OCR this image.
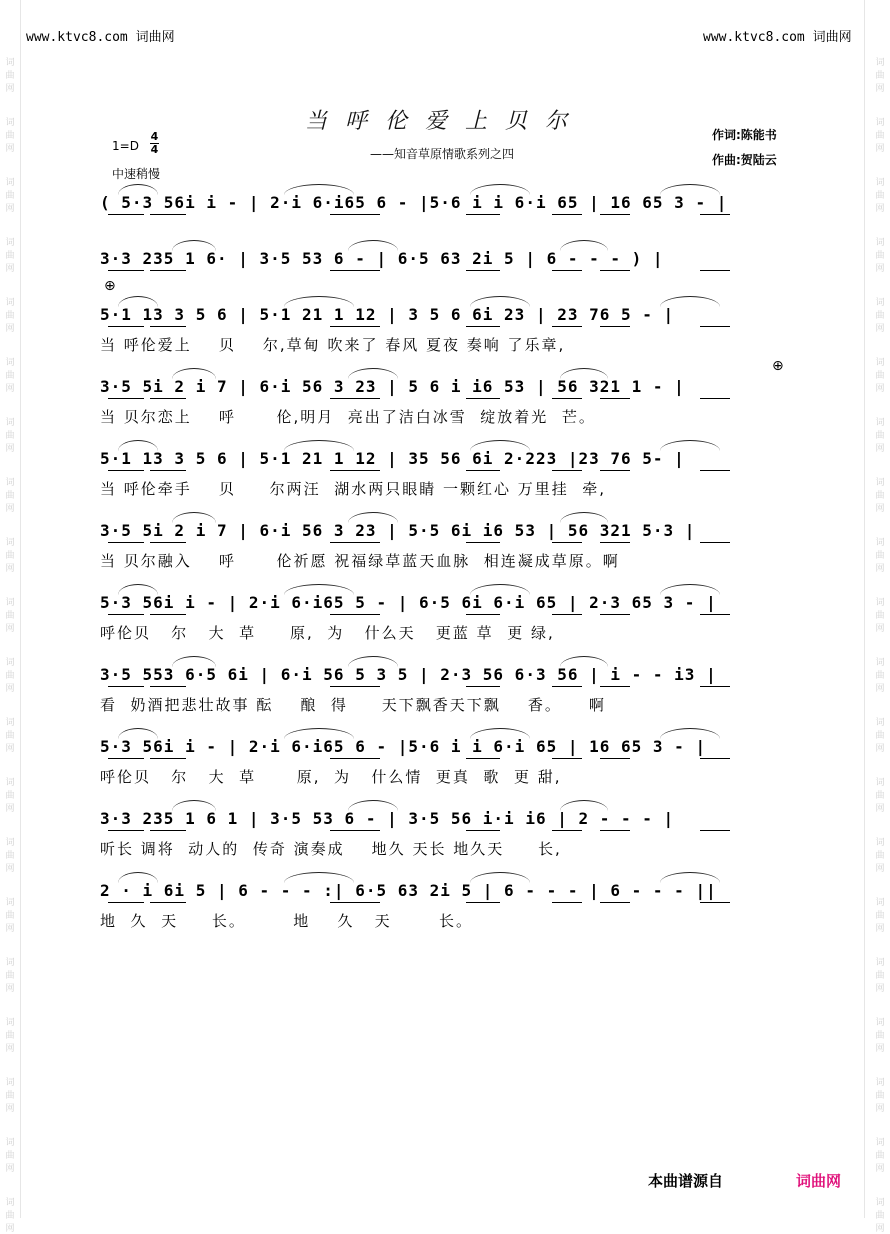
词
曲
网
词
曲
网
词
曲
网
词
曲
网
词
曲
网
词
曲
网
词
曲
网
词
曲
网
词
曲
网
词
曲
网
词
曲
网
词
曲
网
词
曲
网
词
曲
网
词
曲
网
词
曲
网
词
曲
网
词
曲
网
词
曲
网
词
曲
网
词
曲
网
词
曲
网
词
曲
网
词
曲
网
词
曲
网
词
曲
网
词
曲
网
词
曲
网
词
曲
网
词
曲
网
词
曲
网
词
曲
网
词
曲
网
词
曲
网
词
曲
网
词
曲
网
词
曲
网
词
曲
网
词
曲
网
词
曲
网
www.ktvc8.com 词曲网	www.ktvc8.com 词曲网
当呼伦爱上贝尔
——知音草原情歌系列之四
作词:陈能书
作曲:贺陆云
1=D
4
4
中速稍慢
( 5·3 56i i - | 2·i 6·i65 6 - |5·6 i i 6·i 65 | 16 65 3 - |
3·3 235 1 6· | 3·5 53 6 - | 6·5 63 2i 5 | 6 - - - ) |
⊕
5·1 13 3 5 6 | 5·1 21 1 12 | 3 5 6 6i 23 | 23 76 5 - |
当 呼伦爱上    贝    尔,草甸 吹来了 春风 夏夜 奏响 了乐章,
⊕
3·5 5i 2 i 7 | 6·i 56 3 23 | 5 6 i i6 53 | 56 321 1 - |
当 贝尔恋上    呼      伦,明月  亮出了洁白冰雪  绽放着光  芒。
5·1 13 3 5 6 | 5·1 21 1 12 | 35 56 6i 2·223 |23 76 5- |
当 呼伦牵手    贝     尔两汪  湖水两只眼睛 一颗红心 万里挂  牵,
3·5 5i 2 i 7 | 6·i 56 3 23 | 5·5 6i i6 53 | 56 321 5·3 |
当 贝尔融入    呼      伦祈愿 祝福绿草蓝天血脉  相连凝成草原。啊
5·3 56i i - | 2·i 6·i65 5 - | 6·5 6i 6·i 65 | 2·3 65 3 - |
呼伦贝   尔   大  草     原,  为   什么天   更蓝 草  更 绿,
3·5 553 6·5 6i | 6·i 56 5 3 5 | 2·3 56 6·3 56 | i - - i3 |
看  奶酒把悲壮故事 酝    酿  得     天下飘香天下飘    香。    啊
5·3 56i i - | 2·i 6·i65 6 - |5·6 i i 6·i 65 | 16 65 3 - |
呼伦贝   尔   大  草      原,  为   什么情  更真  歌  更 甜,
3·3 235 1 6 1 | 3·5 53 6 - | 3·5 56 i·i i6 | 2 - - - |
听长 调将  动人的  传奇 演奏成    地久 天长 地久天     长,
2 · i 6i 5 | 6 - - - :| 6·5 63 2i 5 | 6 - - - | 6 - - - ||
地  久  天     长。       地    久   天       长。
本曲谱源自	词曲网
